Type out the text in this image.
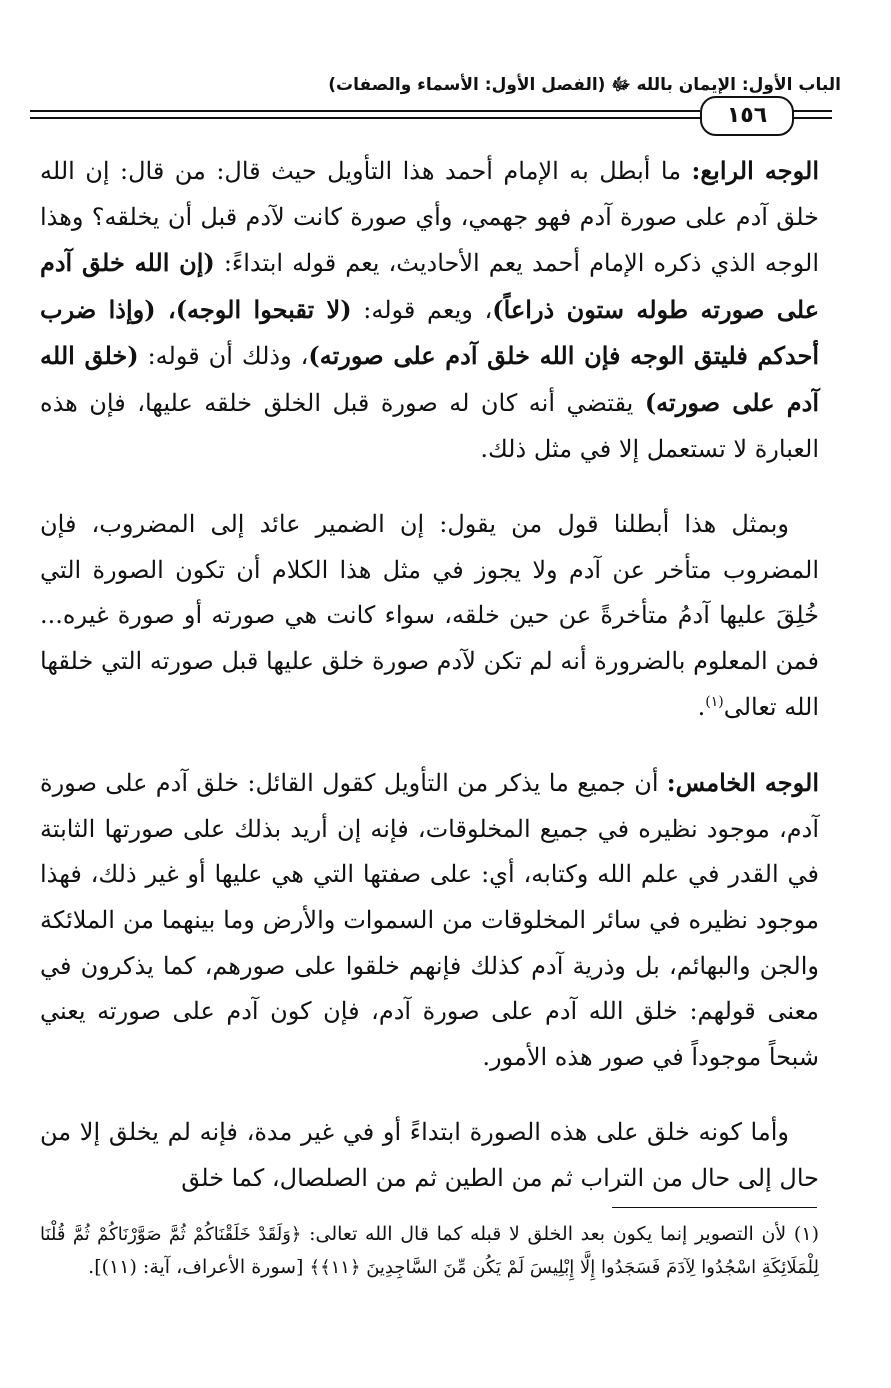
الباب الأول: الإيمان بالله ﷻ (الفصل الأول: الأسماء والصفات)
١٥٦

الوجه الرابع: ما أبطل به الإمام أحمد هذا التأويل حيث قال: من قال: إن الله خلق آدم على صورة آدم فهو جهمي، وأي صورة كانت لآدم قبل أن يخلقه؟ وهذا الوجه الذي ذكره الإمام أحمد يعم الأحاديث، يعم قوله ابتداءً: (إن الله خلق آدم على صورته طوله ستون ذراعاً)، ويعم قوله: (لا تقبحوا الوجه)، (وإذا ضرب أحدكم فليتق الوجه فإن الله خلق آدم على صورته)، وذلك أن قوله: (خلق الله آدم على صورته) يقتضي أنه كان له صورة قبل الخلق خلقه عليها، فإن هذه العبارة لا تستعمل إلا في مثل ذلك.

وبمثل هذا أبطلنا قول من يقول: إن الضمير عائد إلى المضروب، فإن المضروب متأخر عن آدم ولا يجوز في مثل هذا الكلام أن تكون الصورة التي خُلِقَ عليها آدمُ متأخرةً عن حين خلقه، سواء كانت هي صورته أو صورة غيره... فمن المعلوم بالضرورة أنه لم تكن لآدم صورة خلق عليها قبل صورته التي خلقها الله تعالى$^{(١)}$.

الوجه الخامس: أن جميع ما يذكر من التأويل كقول القائل: خلق آدم على صورة آدم، موجود نظيره في جميع المخلوقات، فإنه إن أريد بذلك على صورتها الثابتة في القدر في علم الله وكتابه، أي: على صفتها التي هي عليها أو غير ذلك، فهذا موجود نظيره في سائر المخلوقات من السموات والأرض وما بينهما من الملائكة والجن والبهائم، بل وذرية آدم كذلك فإنهم خلقوا على صورهم، كما يذكرون في معنى قولهم: خلق الله آدم على صورة آدم، فإن كون آدم على صورته يعني شبحاً موجوداً في صور هذه الأمور.

وأما كونه خلق على هذه الصورة ابتداءً أو في غير مدة، فإنه لم يخلق إلا من حال إلى حال من التراب ثم من الطين ثم من الصلصال، كما خلق

(١) لأن التصوير إنما يكون بعد الخلق لا قبله كما قال الله تعالى: ﴿وَلَقَدْ خَلَقْنَاكُمْ ثُمَّ صَوَّرْنَاكُمْ ثُمَّ قُلْنَا لِلْمَلَائِكَةِ اسْجُدُوا لِآدَمَ فَسَجَدُوا إِلَّا إِبْلِيسَ لَمْ يَكُن مِّنَ السَّاجِدِينَ ﴿١١﴾﴾ [سورة الأعراف، آية: (١١)].
